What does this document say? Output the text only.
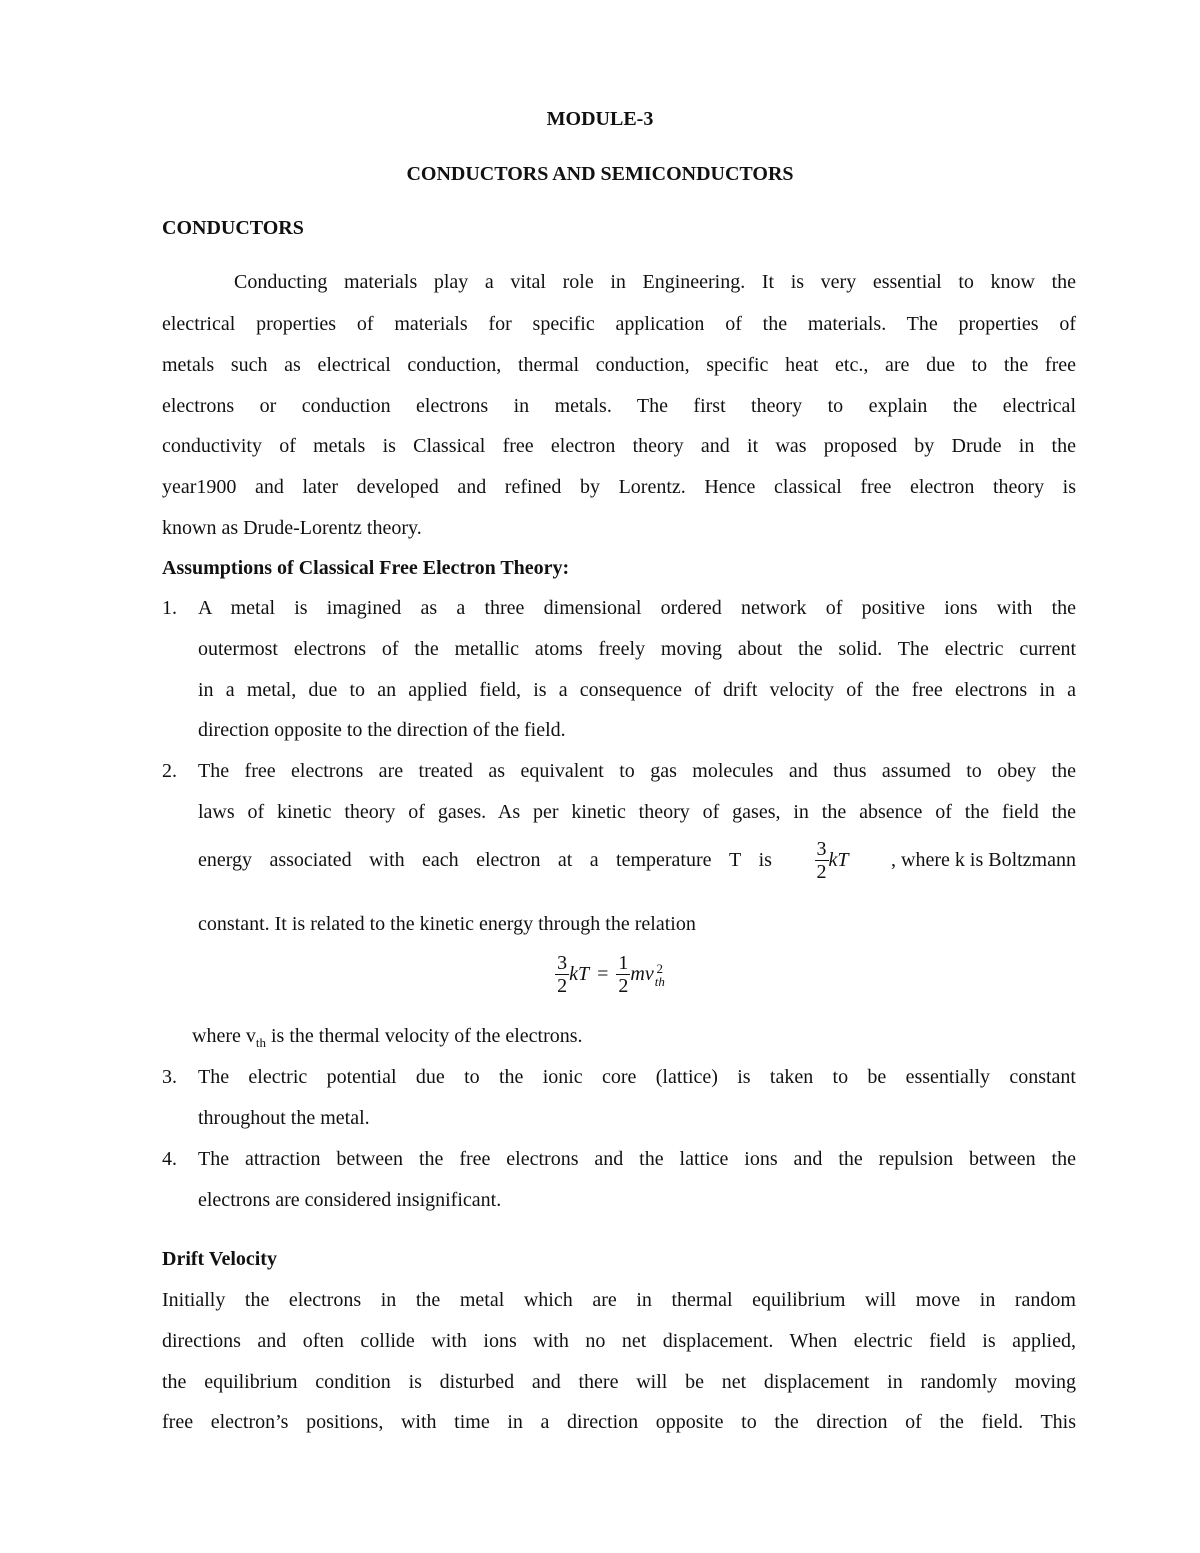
MODULE-3
CONDUCTORS AND SEMICONDUCTORS
CONDUCTORS
Conducting materials play a vital role in Engineering. It is very essential to know the
electrical properties of materials for specific application of the materials. The properties of
metals such as electrical conduction, thermal conduction, specific heat etc., are due to the free
electrons or conduction electrons in metals. The first theory to explain the electrical
conductivity of metals is Classical free electron theory and it was proposed by Drude in the
year1900 and later developed and refined by Lorentz. Hence classical free electron theory is
known as Drude-Lorentz theory.
Assumptions of Classical Free Electron Theory:
1. A metal is imagined as a three dimensional ordered network of positive ions with the
outermost electrons of the metallic atoms freely moving about the solid. The electric current
in a metal, due to an applied field, is a consequence of drift velocity of the free electrons in a
direction opposite to the direction of the field.
2. The free electrons are treated as equivalent to gas molecules and thus assumed to obey the
laws of kinetic theory of gases. As per kinetic theory of gases, in the absence of the field the
energy associated with each electron at a temperature T is $\frac{3}{2}$ kT , where k is Boltzmann
constant. It is related to the kinetic energy through the relation
$\frac{3}{2}$ kT = $\frac{1}{2}$ mv 2
th
where $v_{th}$ is the thermal velocity of the electrons.
3. The electric potential due to the ionic core (lattice) is taken to be essentially constant
throughout the metal.
4. The attraction between the free electrons and the lattice ions and the repulsion between the
electrons are considered insignificant.
Drift Velocity
Initially the electrons in the metal which are in thermal equilibrium will move in random
directions and often collide with ions with no net displacement. When electric field is applied,
the equilibrium condition is disturbed and there will be net displacement in randomly moving
free electron’s positions, with time in a direction opposite to the direction of the field. This
